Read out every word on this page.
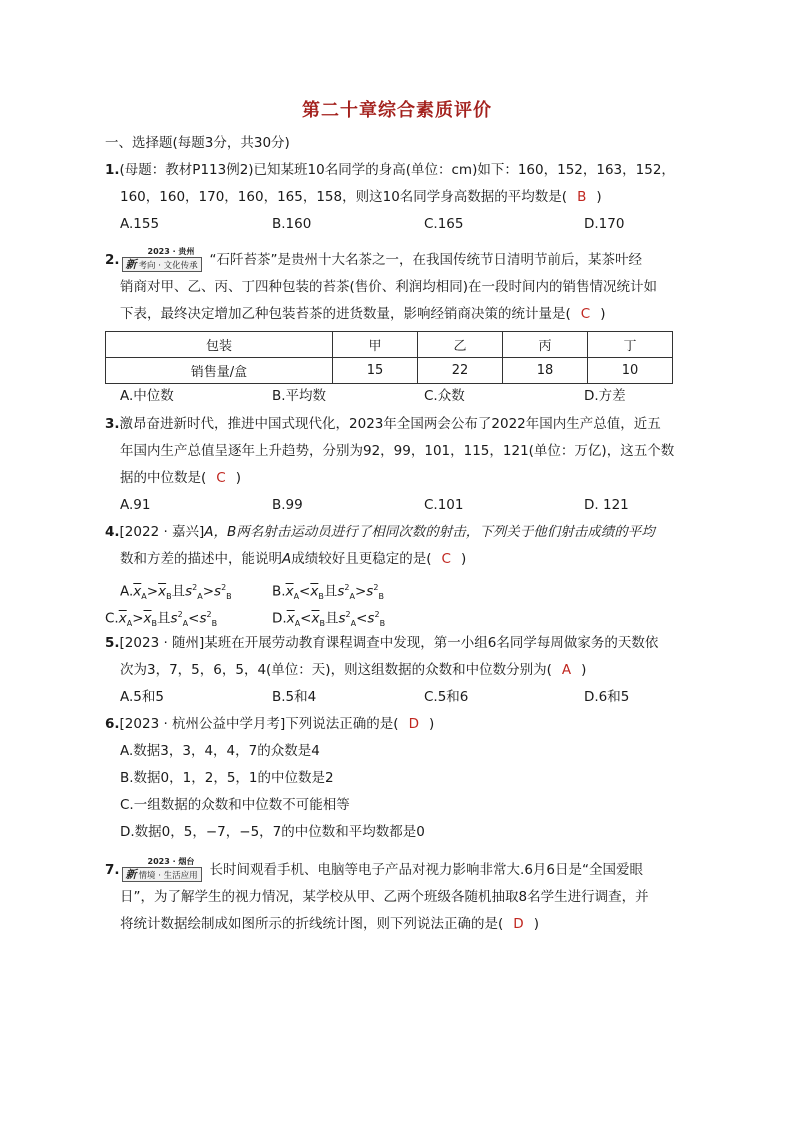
第二十章综合素质评价
一、选择题(每题3分，共30分)
1.(母题：教材P113例2)已知某班10名同学的身高(单位：cm)如下：160，152，163，152，
160，160，170，160，165，158，则这10名同学身高数据的平均数是( B )
A.155	B.160	C.165	D.170
2.
2023 · 贵州
新 考向 · 文化传承 “石阡苔茶”是贵州十大名茶之一，在我国传统节日清明节前后，某茶叶经
销商对甲、乙、丙、丁四种包装的苔茶(售价、利润均相同)在一段时间内的销售情况统计如
下表，最终决定增加乙种包装苔茶的进货数量，影响经销商决策的统计量是( C )
包装	甲	乙	丙	丁
销售量/盒	15	22	18	10
A.中位数	B.平均数	C.众数	D.方差
3.激昂奋进新时代，推进中国式现代化，2023年全国两会公布了2022年国内生产总值，近五
年国内生产总值呈逐年上升趋势，分别为92，99，101，115，121(单位：万亿)，这五个数
据的中位数是( C )
A.91	B.99	C.101	D. 121
4.[2022 · 嘉兴]A，B两名射击运动员进行了相同次数的射击，下列关于他们射击成绩的平均
数和方差的描述中，能说明A成绩较好且更稳定的是( C )
$A.\overline{x}_A>\overline{x}_B$且$s^2_A>s^2_B$	$B.\overline{x}_A<\overline{x}_B$且$s^2_A>s^2_B$
$C.\overline{x}_A>\overline{x}_B$且$s^2_A<s^2_B$	$D.\overline{x}_A<\overline{x}_B$且$s^2_A<s^2_B$
5.[2023 · 随州]某班在开展劳动教育课程调查中发现，第一小组6名同学每周做家务的天数依
次为3，7，5，6，5，4(单位：天)，则这组数据的众数和中位数分别为( A )
A.5和5	B.5和4	C.5和6	D.6和5
6.[2023 · 杭州公益中学月考]下列说法正确的是( D )
A.数据3，3，4，4，7的众数是4
B.数据0，1，2，5，1的中位数是2
C.一组数据的众数和中位数不可能相等
D.数据0，5，−7，−5，7的中位数和平均数都是0
7.
2023 · 烟台
新 情境 · 生活应用 长时间观看手机、电脑等电子产品对视力影响非常大.6月6日是“全国爱眼
日”，为了解学生的视力情况，某学校从甲、乙两个班级各随机抽取8名学生进行调查，并
将统计数据绘制成如图所示的折线统计图，则下列说法正确的是( D )
